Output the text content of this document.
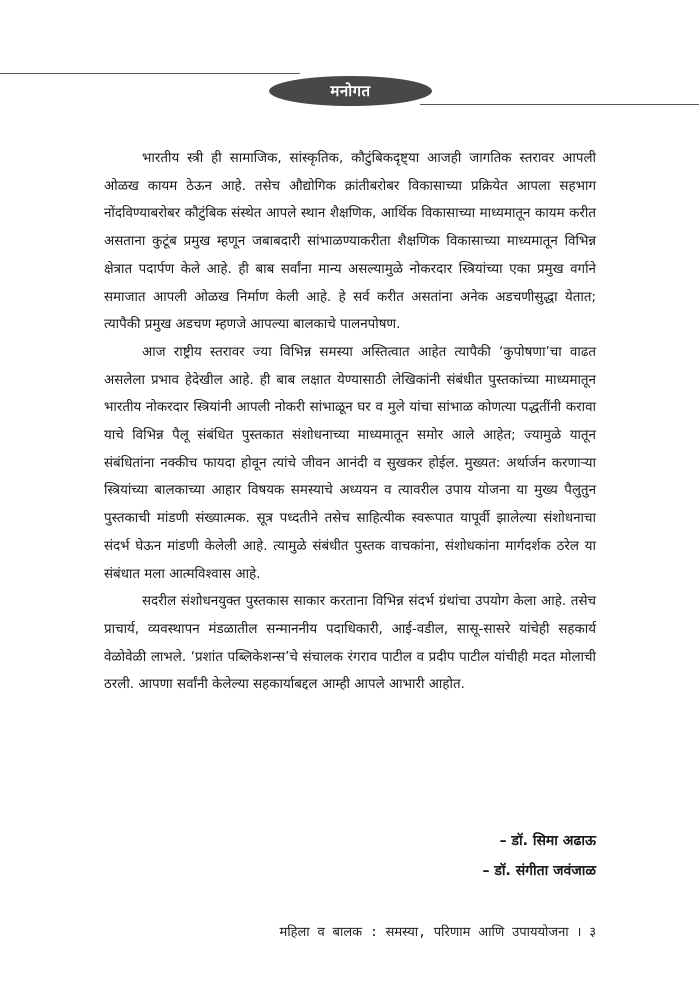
मनोगत

भारतीय स्त्री ही सामाजिक, सांस्कृतिक, कौटुंबिकदृष्ट्या आजही जागतिक स्तरावर आपली ओळख कायम ठेऊन आहे. तसेच औद्योगिक क्रांतीबरोबर विकासाच्या प्रक्रियेत आपला सहभाग नोंदविण्याबरोबर कौटुंबिक संस्थेत आपले स्थान शैक्षणिक, आर्थिक विकासाच्या माध्यमातून कायम करीत असताना कुटूंब प्रमुख म्हणून जबाबदारी सांभाळण्याकरीता शैक्षणिक विकासाच्या माध्यमातून विभिन्न क्षेत्रात पदार्पण केले आहे. ही बाब सर्वांना मान्य असल्यामुळे नोकरदार स्त्रियांच्या एका प्रमुख वर्गाने समाजात आपली ओळख निर्माण केली आहे. हे सर्व करीत असतांना अनेक अडचणीसुद्धा येतात; त्यापैकी प्रमुख अडचण म्हणजे आपल्या बालकाचे पालनपोषण.

आज राष्ट्रीय स्तरावर ज्या विभिन्न समस्या अस्तित्वात आहेत त्यापैकी ‘कुपोषणा’चा वाढत असलेला प्रभाव हेदेखील आहे. ही बाब लक्षात येण्यासाठी लेखिकांनी संबंधीत पुस्तकांच्या माध्यमातून भारतीय नोकरदार स्त्रियांनी आपली नोकरी सांभाळून घर व मुले यांचा सांभाळ कोणत्या पद्धतींनी करावा याचे विभिन्न पैलू संबंधित पुस्तकात संशोधनाच्या माध्यमातून समोर आले आहेत; ज्यामुळे यातून संबंधितांना नक्कीच फायदा होवून त्यांचे जीवन आनंदी व सुखकर होईल. मुख्यत: अर्थार्जन करणाऱ्या स्त्रियांच्या बालकाच्या आहार विषयक समस्याचे अध्ययन व त्यावरील उपाय योजना या मुख्य पैलुतुन पुस्तकाची मांडणी संख्यात्मक. सूत्र पध्दतीने तसेच साहित्यीक स्वरूपात यापूर्वी झालेल्या संशोधनाचा संदर्भ घेऊन मांडणी केलेली आहे. त्यामुळे संबंधीत पुस्तक वाचकांना, संशोधकांना मार्गदर्शक ठरेल या संबंधात मला आत्मविश्वास आहे.

सदरील संशोधनयुक्त पुस्तकास साकार करताना विभिन्न संदर्भ ग्रंथांचा उपयोग केला आहे. तसेच प्राचार्य, व्यवस्थापन मंडळातील सन्माननीय पदाधिकारी, आई-वडील, सासू-सासरे यांचेही सहकार्य वेळोवेळी लाभले. ‘प्रशांत पब्लिकेशन्स’चे संचालक रंगराव पाटील व प्रदीप पाटील यांचीही मदत मोलाची ठरली. आपणा सर्वांनी केलेल्या सहकार्याबद्दल आम्ही आपले आभारी आहोत.

– डॉ. सिमा अढाऊ
– डॉ. संगीता जवंजाळ
महिला व बालक : समस्या, परिणाम आणि उपाययोजना । ३
